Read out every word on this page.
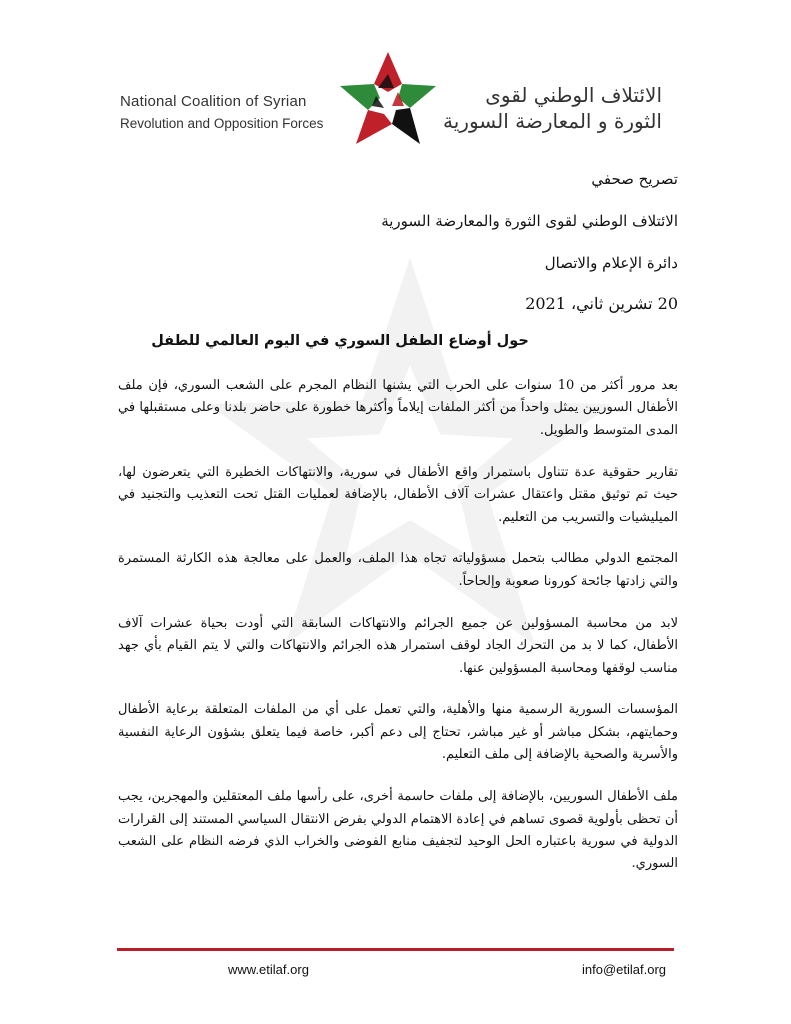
National Coalition of Syrian
Revolution and Opposition Forces
الائتلاف الوطني لقوى
الثورة و المعارضة السورية
تصريح صحفي
الائتلاف الوطني لقوى الثورة والمعارضة السورية
دائرة الإعلام والاتصال
20 تشرين ثاني، 2021
حول أوضاع الطفل السوري في اليوم العالمي للطفل

بعد مرور أكثر من 10 سنوات على الحرب التي يشنها النظام المجرم على الشعب السوري، فإن ملف الأطفال السوريين يمثل واحداً من أكثر الملفات إيلاماً وأكثرها خطورة على حاضر بلدنا وعلى مستقبلها في المدى المتوسط والطويل.

تقارير حقوقية عدة تتناول باستمرار واقع الأطفال في سورية، والانتهاكات الخطيرة التي يتعرضون لها، حيث تم توثيق مقتل واعتقال عشرات آلاف الأطفال، بالإضافة لعمليات القتل تحت التعذيب والتجنيد في الميليشيات والتسريب من التعليم.

المجتمع الدولي مطالب بتحمل مسؤولياته تجاه هذا الملف، والعمل على معالجة هذه الكارثة المستمرة والتي زادتها جائحة كورونا صعوبة وإلحاحاً.

لابد من محاسبة المسؤولين عن جميع الجرائم والانتهاكات السابقة التي أودت بحياة عشرات آلاف الأطفال، كما لا بد من التحرك الجاد لوقف استمرار هذه الجرائم والانتهاكات والتي لا يتم القيام بأي جهد مناسب لوقفها ومحاسبة المسؤولين عنها.

المؤسسات السورية الرسمية منها والأهلية، والتي تعمل على أي من الملفات المتعلقة برعاية الأطفال وحمايتهم، بشكل مباشر أو غير مباشر، تحتاج إلى دعم أكبر، خاصة فيما يتعلق بشؤون الرعاية النفسية والأسرية والصحية بالإضافة إلى ملف التعليم.

ملف الأطفال السوريين، بالإضافة إلى ملفات حاسمة أخرى، على رأسها ملف المعتقلين والمهجرين، يجب أن تحظى بأولوية قصوى تساهم في إعادة الاهتمام الدولي بفرض الانتقال السياسي المستند إلى القرارات الدولية في سورية باعتباره الحل الوحيد لتجفيف منابع الفوضى والخراب الذي فرضه النظام على الشعب السوري.

www.etilaf.org	info@etilaf.org
